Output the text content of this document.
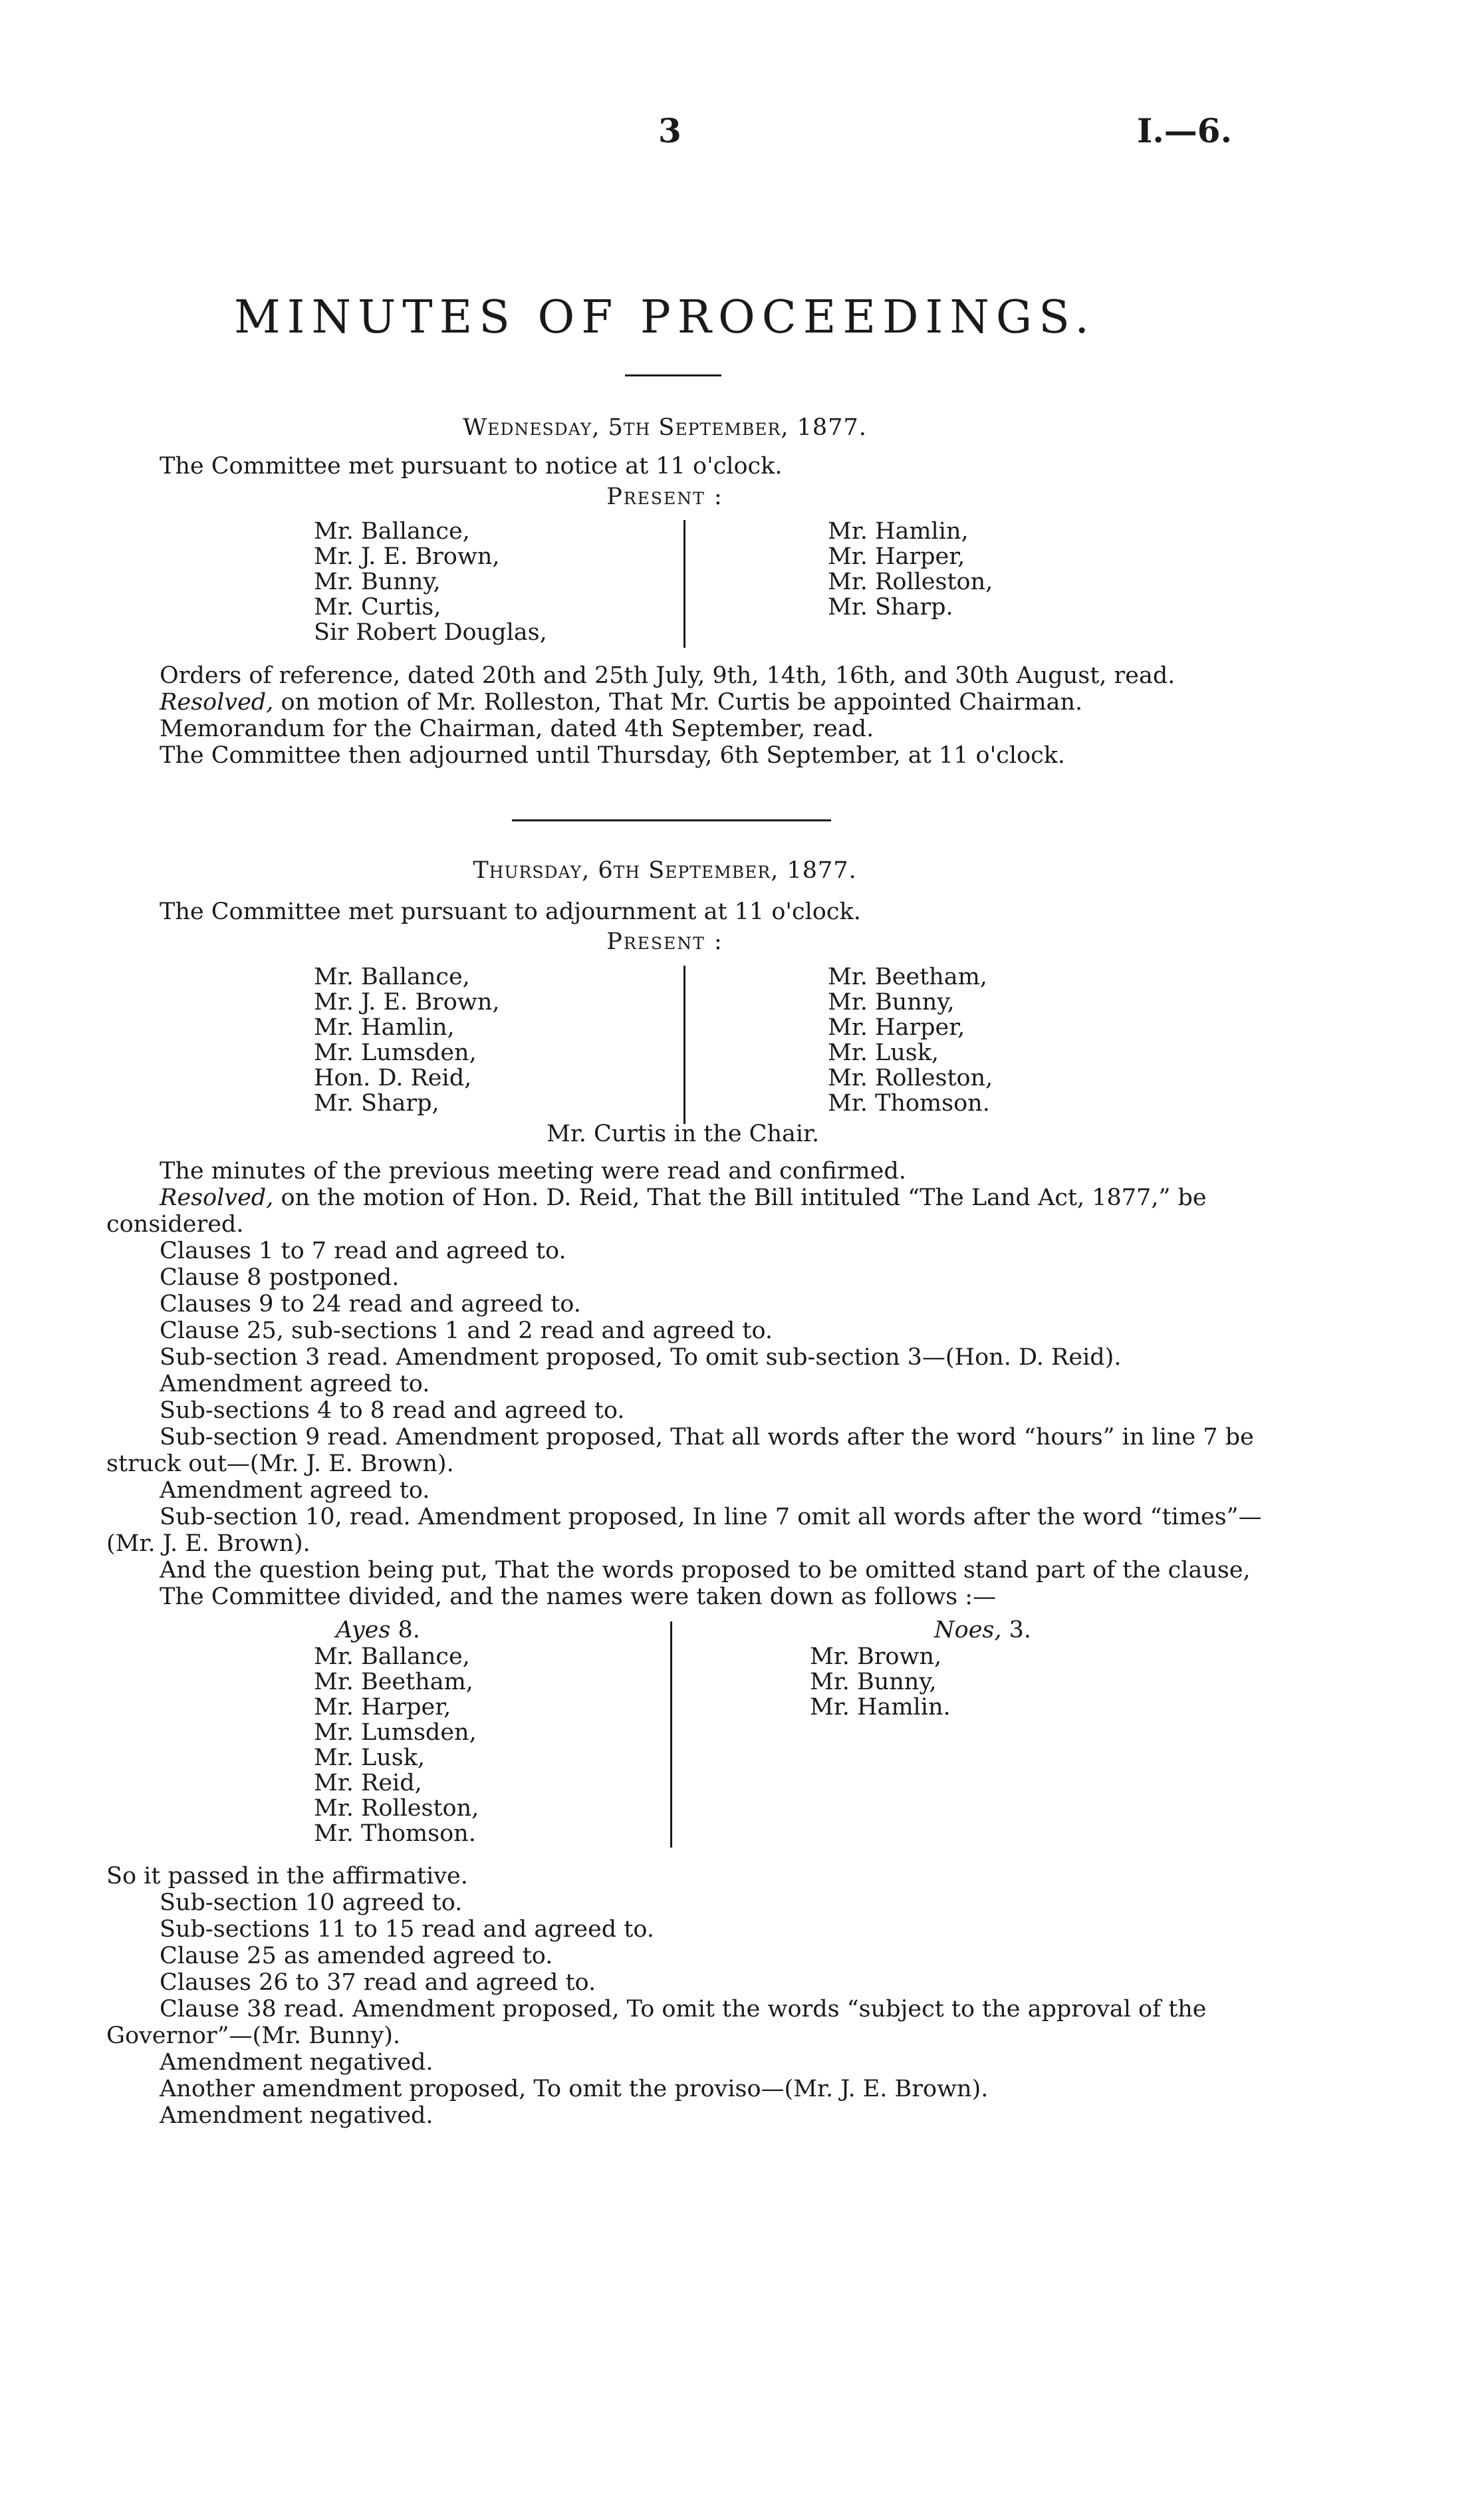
3	I.—6.
MINUTES OF PROCEEDINGS.
Wednesday, 5th September, 1877.
The Committee met pursuant to notice at 11 o'clock.
Present :
Mr. Ballance,
Mr. J. E. Brown,
Mr. Bunny,
Mr. Curtis,
Sir Robert Douglas,
Mr. Hamlin,
Mr. Harper,
Mr. Rolleston,
Mr. Sharp.
Orders of reference, dated 20th and 25th July, 9th, 14th, 16th, and 30th August, read.
Resolved, on motion of Mr. Rolleston, That Mr. Curtis be appointed Chairman.
Memorandum for the Chairman, dated 4th September, read.
The Committee then adjourned until Thursday, 6th September, at 11 o'clock.
Thursday, 6th September, 1877.
The Committee met pursuant to adjournment at 11 o'clock.
Present :
Mr. Ballance,
Mr. J. E. Brown,
Mr. Hamlin,
Mr. Lumsden,
Hon. D. Reid,
Mr. Sharp,
Mr. Beetham,
Mr. Bunny,
Mr. Harper,
Mr. Lusk,
Mr. Rolleston,
Mr. Thomson.
Mr. Curtis in the Chair.
The minutes of the previous meeting were read and confirmed.
Resolved, on the motion of Hon. D. Reid, That the Bill intituled “The Land Act, 1877,” be
considered.
Clauses 1 to 7 read and agreed to.
Clause 8 postponed.
Clauses 9 to 24 read and agreed to.
Clause 25, sub-sections 1 and 2 read and agreed to.
Sub-section 3 read. Amendment proposed, To omit sub-section 3—(Hon. D. Reid).
Amendment agreed to.
Sub-sections 4 to 8 read and agreed to.
Sub-section 9 read. Amendment proposed, That all words after the word “hours” in line 7 be
struck out—(Mr. J. E. Brown).
Amendment agreed to.
Sub-section 10, read. Amendment proposed, In line 7 omit all words after the word “times”—
(Mr. J. E. Brown).
And the question being put, That the words proposed to be omitted stand part of the clause,
The Committee divided, and the names were taken down as follows :—
Ayes 8.
Mr. Ballance,
Mr. Beetham,
Mr. Harper,
Mr. Lumsden,
Mr. Lusk,
Mr. Reid,
Mr. Rolleston,
Mr. Thomson.
Noes, 3.
Mr. Brown,
Mr. Bunny,
Mr. Hamlin.
So it passed in the affirmative.
Sub-section 10 agreed to.
Sub-sections 11 to 15 read and agreed to.
Clause 25 as amended agreed to.
Clauses 26 to 37 read and agreed to.
Clause 38 read. Amendment proposed, To omit the words “subject to the approval of the
Governor”—(Mr. Bunny).
Amendment negatived.
Another amendment proposed, To omit the proviso—(Mr. J. E. Brown).
Amendment negatived.
